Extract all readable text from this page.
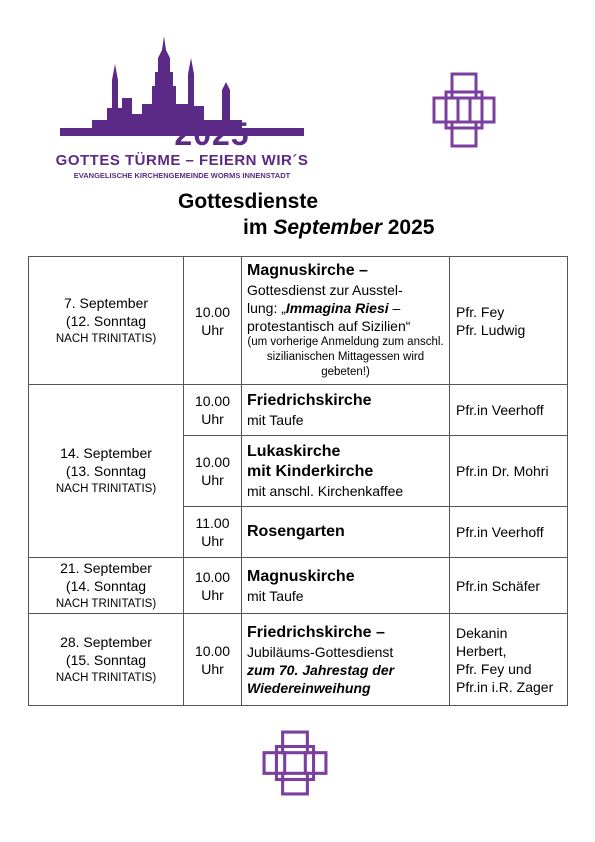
2025
GOTTES TÜRME – FEIERN WIR´S
EVANGELISCHE KIRCHENGEMEINDE WORMS INNENSTADT
Gottesdienste
im September 2025
7. September
(12. Sonntag
NACH TRINITATIS)	10.00 Uhr	Magnuskirche –
Gottesdienst zur Ausstel-
lung: „Immagina Riesi –
protestantisch auf Sizilien“
(um vorherige Anmeldung zum anschl. sizilianischen Mittagessen wird gebeten!)	Pfr. Fey
Pfr. Ludwig

14. September
(13. Sonntag
NACH TRINITATIS)	10.00 Uhr	Friedrichskirche
mit Taufe	Pfr.in Veerhoff
	10.00 Uhr	Lukaskirche
mit Kinderkirche
mit anschl. Kirchenkaffee	Pfr.in Dr. Mohri
	11.00 Uhr	Rosengarten	Pfr.in Veerhoff

21. September
(14. Sonntag
NACH TRINITATIS)	10.00 Uhr	Magnuskirche
mit Taufe	Pfr.in Schäfer

28. September
(15. Sonntag
NACH TRINITATIS)	10.00 Uhr	Friedrichskirche –
Jubiläums-Gottesdienst
zum 70. Jahrestag der
Wiedereinweihung	Dekanin
Herbert,
Pfr. Fey und
Pfr.in i.R. Zager
